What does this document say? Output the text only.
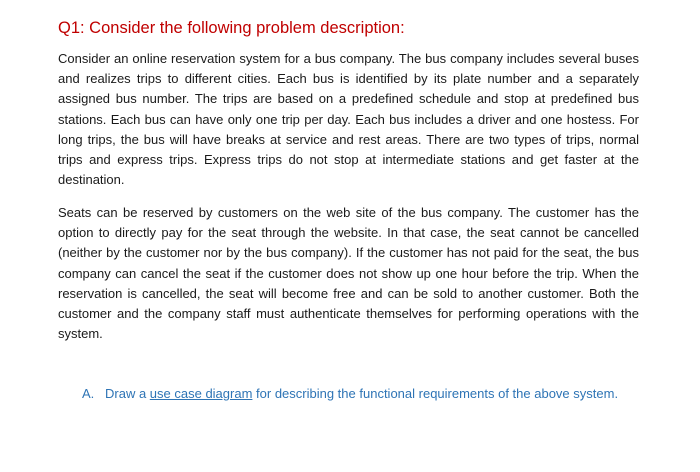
Q1: Consider the following problem description:

Consider an online reservation system for a bus company. The bus company includes several buses and realizes trips to different cities. Each bus is identified by its plate number and a separately assigned bus number. The trips are based on a predefined schedule and stop at predefined bus stations. Each bus can have only one trip per day. Each bus includes a driver and one hostess. For long trips, the bus will have breaks at service and rest areas. There are two types of trips, normal trips and express trips. Express trips do not stop at intermediate stations and get faster at the destination.

Seats can be reserved by customers on the web site of the bus company. The customer has the option to directly pay for the seat through the website. In that case, the seat cannot be cancelled (neither by the customer nor by the bus company). If the customer has not paid for the seat, the bus company can cancel the seat if the customer does not show up one hour before the trip. When the reservation is cancelled, the seat will become free and can be sold to another customer. Both the customer and the company staff must authenticate themselves for performing operations with the system.

A. Draw a use case diagram for describing the functional requirements of the above system.
